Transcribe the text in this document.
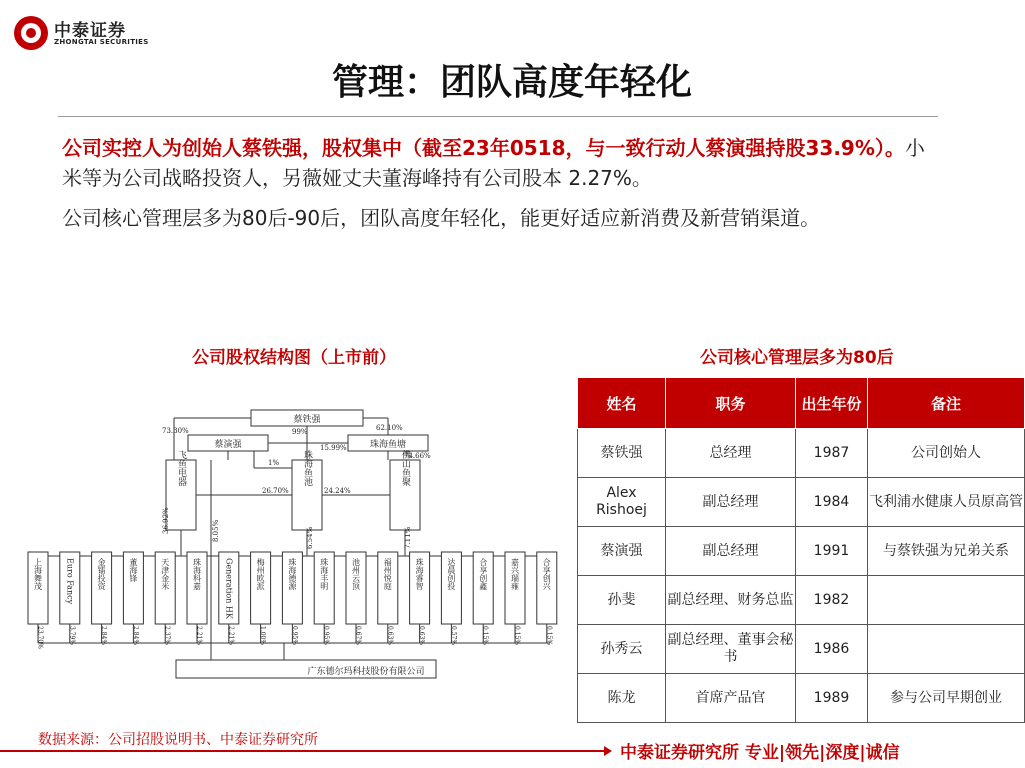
中泰证券
ZHONGTAI SECURITIES
管理：团队高度年轻化
公司实控人为创始人蔡铁强，股权集中（截至23年0518，与一致行动人蔡演强持股33.9%）。小米等为公司战略投资人，另薇娅丈夫董海峰持有公司股本 2.27%。
公司核心管理层多为80后-90后，团队高度年轻化，能更好适应新消费及新营销渠道。
公司股权结构图（上市前）	公司核心管理层多为80后
上海舞茂
23.70%
Euro Fancy
3.79%
金镭投资
2.84%
董海锋
2.84%
天津金米
2.37%
珠海科嘉
2.21%
Generation HK
2.21%
梅州欧派
1.00%
珠海德源
0.95%
珠海丰明
0.95%
池州云顶
0.67%
福州悦庭
0.63%
珠海睿智
0.63%
达晨创投
0.57%
合享创鑫
0.15%
嘉兴瑞雍
0.15%
合享创兴
0.15%
73.30%	99%	62.10%
1%
15.99%
74.66%
26.70%	24.24%
36.92%	8.05%	6.54%	7.11%
蔡铁强
蔡演强	珠海鱼塘
广东德尔玛科技股份有限公司
飞鱼电器	珠海鱼池	佛山鱼聚
姓名	职务	出生年份	备注
蔡铁强	总经理	1987	公司创始人
Alex Rishoej	副总经理	1984	飞利浦水健康人员原高管
蔡演强	副总经理	1991	与蔡铁强为兄弟关系
孙斐	副总经理、财务总监	1982	
孙秀云	副总经理、董事会秘书	1986	
陈龙	首席产品官	1989	参与公司早期创业
数据来源：公司招股说明书、中泰证券研究所
中泰证券研究所 专业|领先|深度|诚信
